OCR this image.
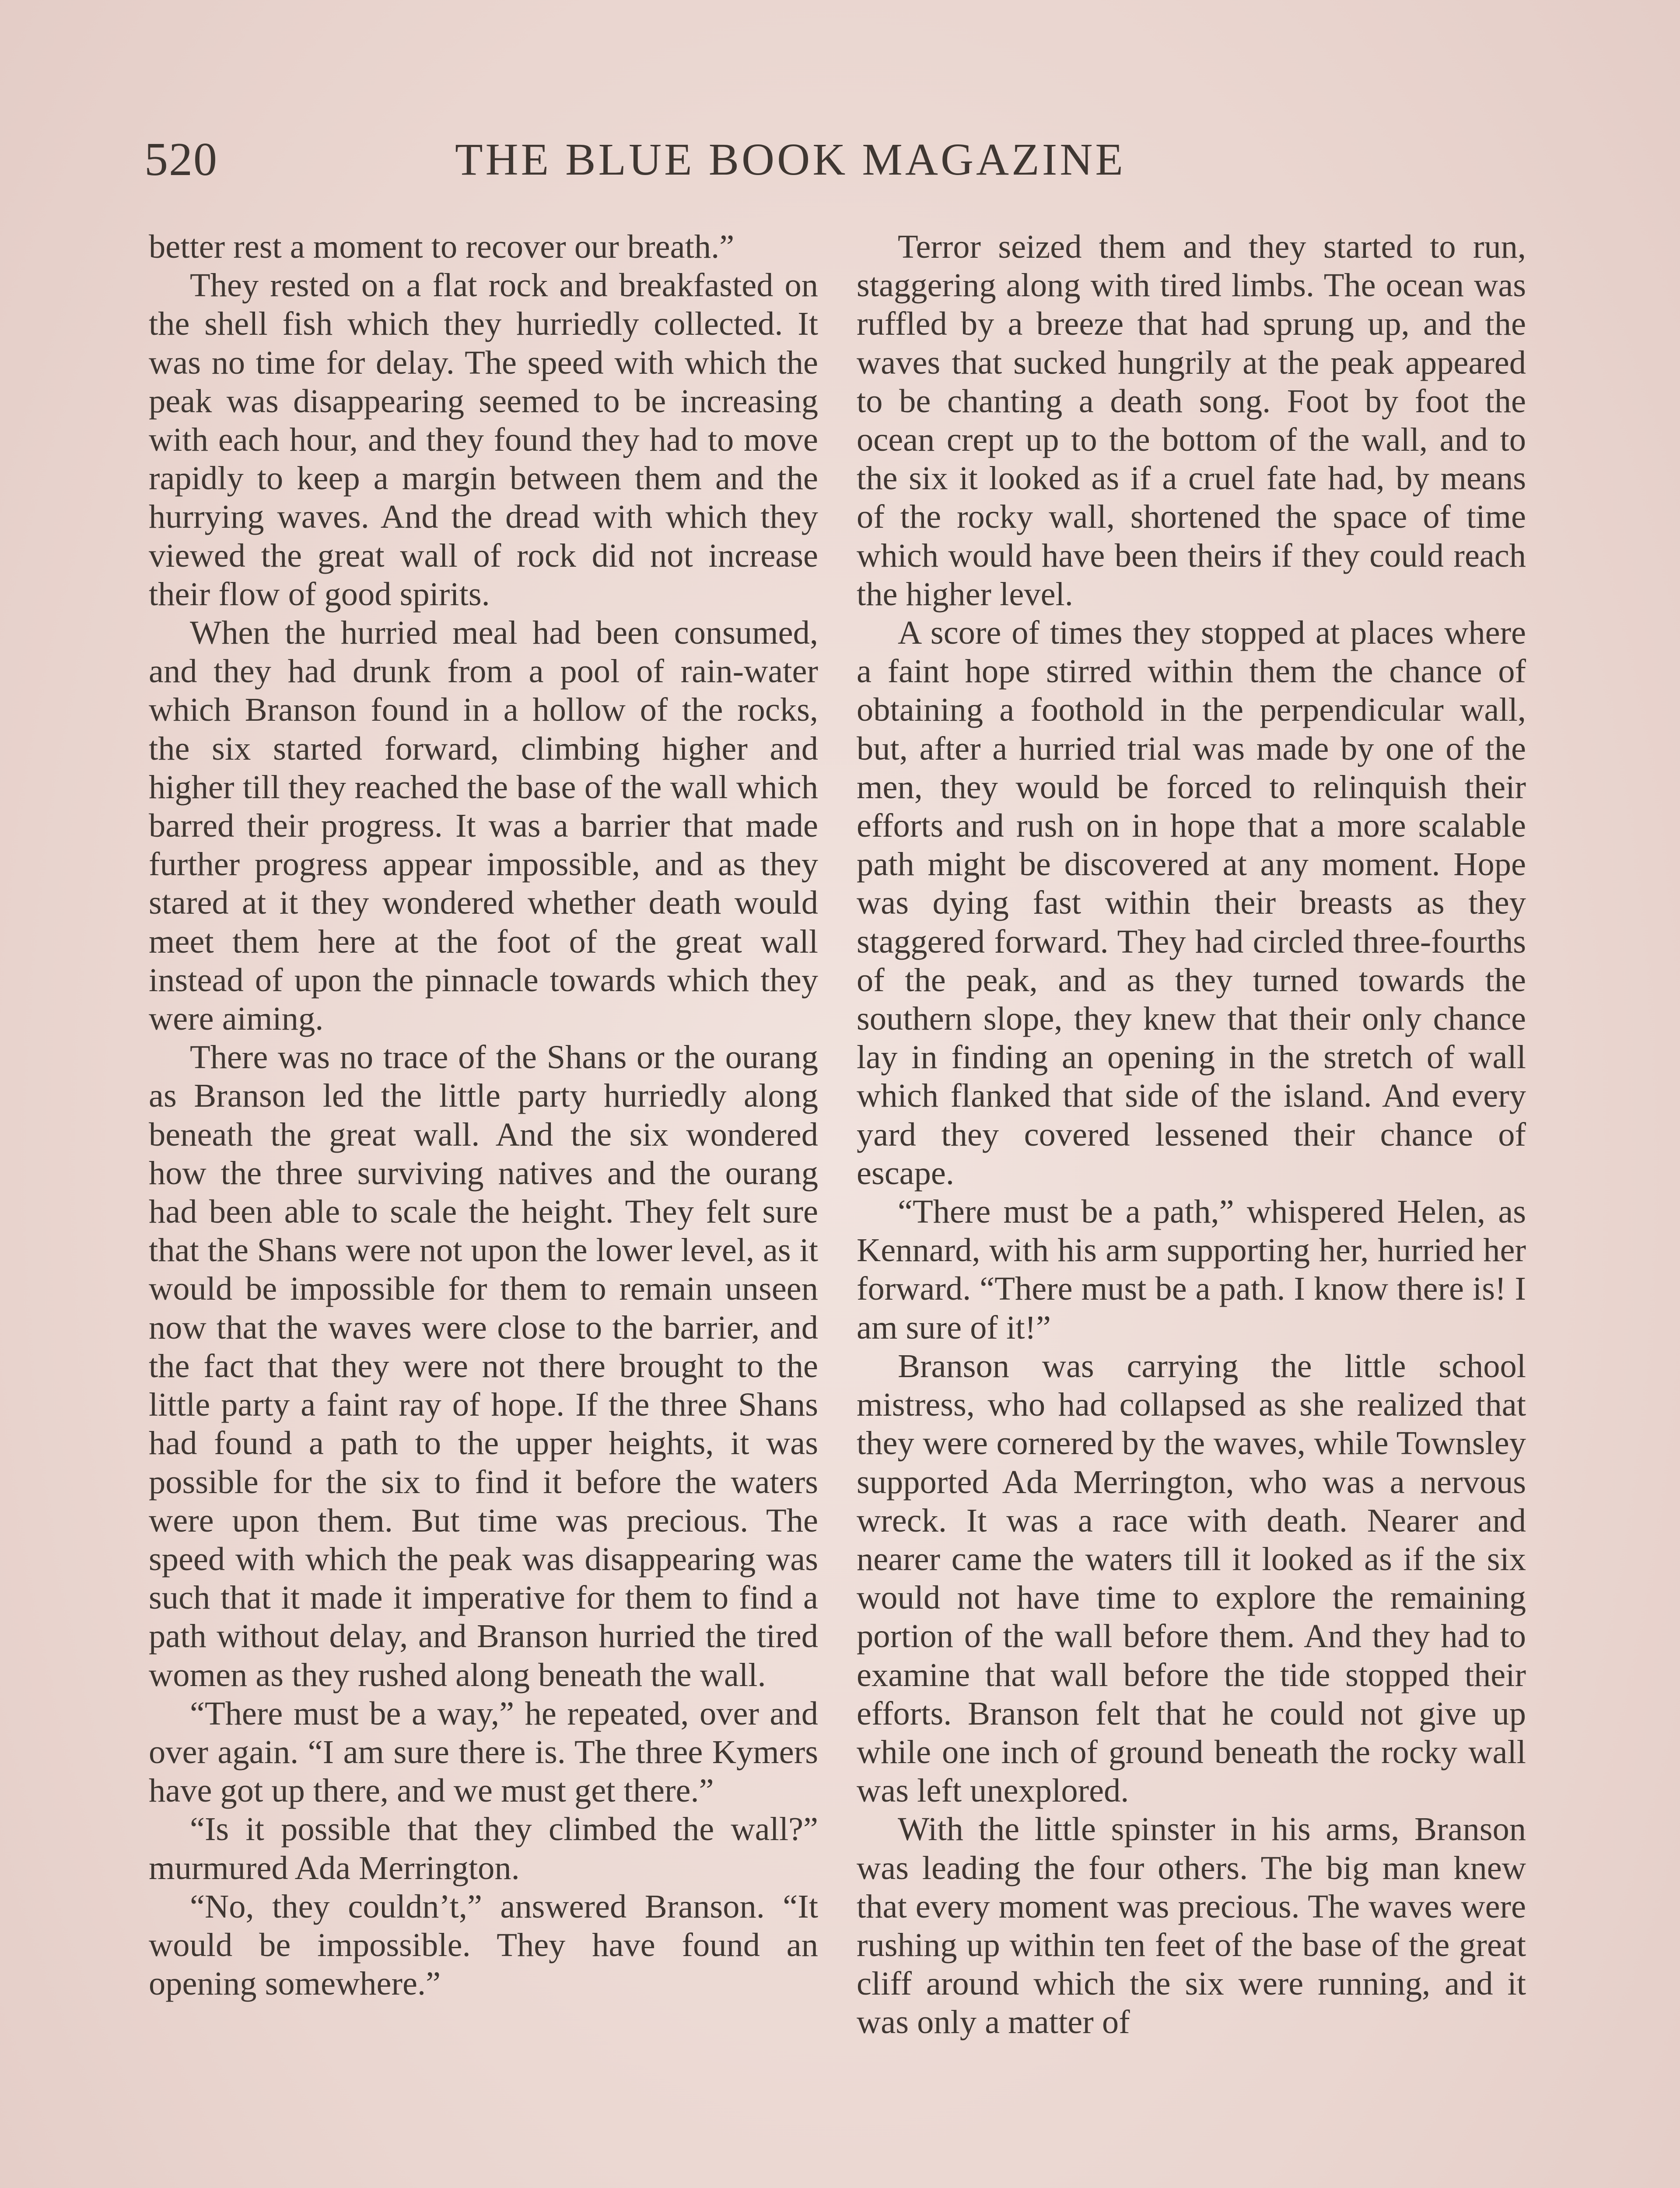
520	THE BLUE BOOK MAGAZINE

better rest a moment to recover our breath.”

They rested on a flat rock and breakfasted on the shell fish which they hurriedly collected. It was no time for delay. The speed with which the peak was disappearing seemed to be increasing with each hour, and they found they had to move rapidly to keep a margin between them and the hurrying waves. And the dread with which they viewed the great wall of rock did not increase their flow of good spirits.

When the hurried meal had been consumed, and they had drunk from a pool of rain-water which Branson found in a hollow of the rocks, the six started forward, climbing higher and higher till they reached the base of the wall which barred their progress. It was a barrier that made further progress appear impossible, and as they stared at it they wondered whether death would meet them here at the foot of the great wall instead of upon the pinnacle towards which they were aiming.

There was no trace of the Shans or the ourang as Branson led the little party hurriedly along beneath the great wall. And the six wondered how the three surviving natives and the ourang had been able to scale the height. They felt sure that the Shans were not upon the lower level, as it would be impossible for them to remain unseen now that the waves were close to the barrier, and the fact that they were not there brought to the little party a faint ray of hope. If the three Shans had found a path to the upper heights, it was possible for the six to find it before the waters were upon them. But time was precious. The speed with which the peak was disappearing was such that it made it imperative for them to find a path without delay, and Branson hurried the tired women as they rushed along beneath the wall.

“There must be a way,” he repeated, over and over again. “I am sure there is. The three Kymers have got up there, and we must get there.”

“Is it possible that they climbed the wall?” murmured Ada Merrington.

“No, they couldn’t,” answered Branson. “It would be impossible. They have found an opening somewhere.”

Terror seized them and they started to run, staggering along with tired limbs. The ocean was ruffled by a breeze that had sprung up, and the waves that sucked hungrily at the peak appeared to be chanting a death song. Foot by foot the ocean crept up to the bottom of the wall, and to the six it looked as if a cruel fate had, by means of the rocky wall, shortened the space of time which would have been theirs if they could reach the higher level.

A score of times they stopped at places where a faint hope stirred within them the chance of obtaining a foothold in the perpendicular wall, but, after a hurried trial was made by one of the men, they would be forced to relinquish their efforts and rush on in hope that a more scalable path might be discovered at any moment. Hope was dying fast within their breasts as they staggered forward. They had circled three-fourths of the peak, and as they turned towards the southern slope, they knew that their only chance lay in finding an opening in the stretch of wall which flanked that side of the island. And every yard they covered lessened their chance of escape.

“There must be a path,” whispered Helen, as Kennard, with his arm supporting her, hurried her forward. “There must be a path. I know there is! I am sure of it!”

Branson was carrying the little school mistress, who had collapsed as she realized that they were cornered by the waves, while Townsley supported Ada Merrington, who was a nervous wreck. It was a race with death. Nearer and nearer came the waters till it looked as if the six would not have time to explore the remaining portion of the wall before them. And they had to examine that wall before the tide stopped their efforts. Branson felt that he could not give up while one inch of ground beneath the rocky wall was left unexplored.

With the little spinster in his arms, Branson was leading the four others. The big man knew that every moment was precious. The waves were rushing up within ten feet of the base of the great cliff around which the six were running, and it was only a matter of
